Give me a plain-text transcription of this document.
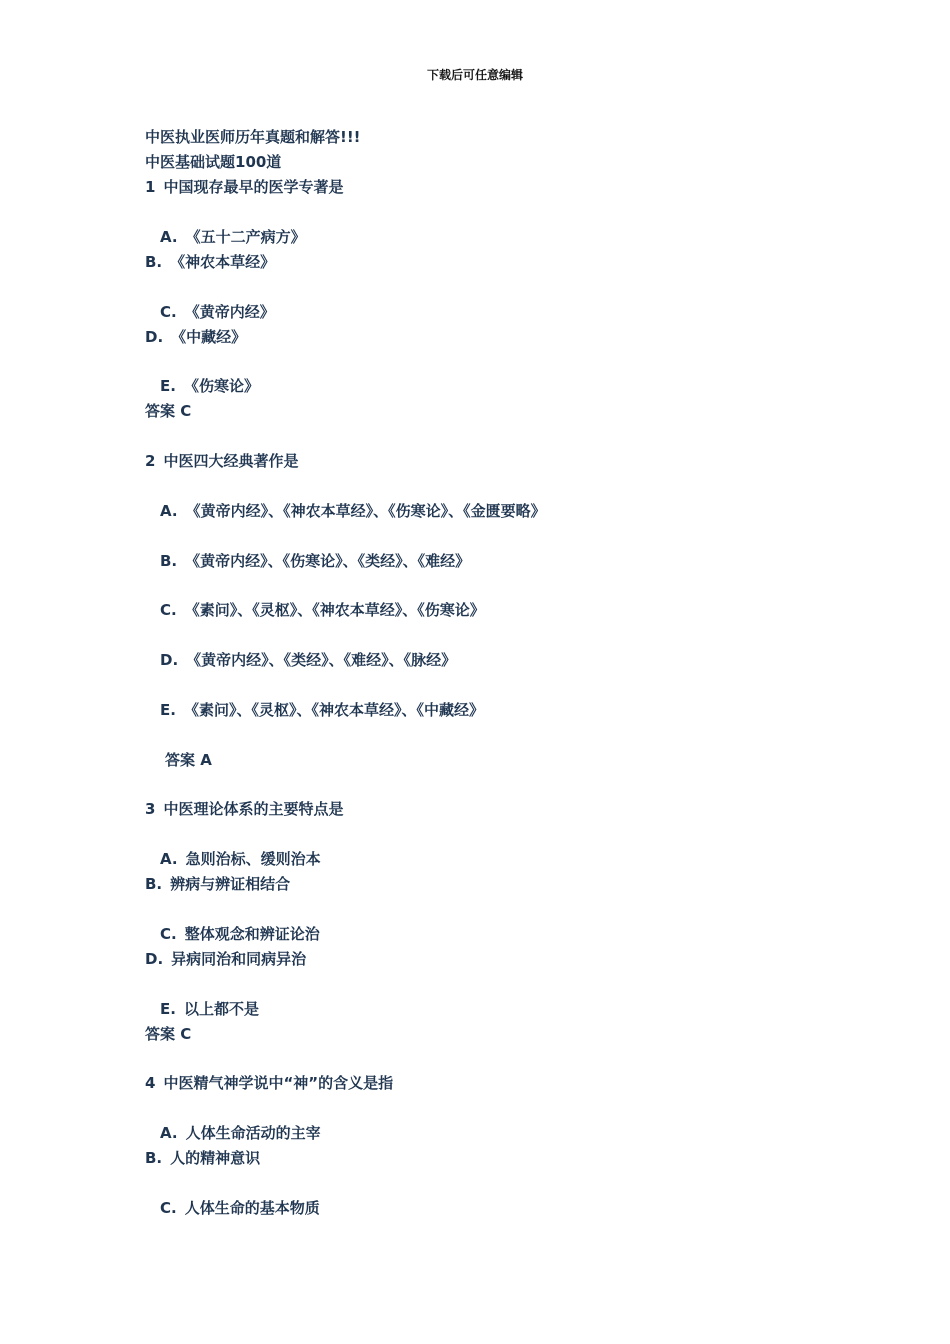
下载后可任意编辑
中医执业医师历年真题和解答!!!
中医基础试题100道
1 中国现存最早的医学专著是
A. 《五十二产病方》
B. 《神农本草经》
C. 《黄帝内经》
D. 《中藏经》
E. 《伤寒论》
答案 C
2 中医四大经典著作是
A. 《黄帝内经》、《神农本草经》、《伤寒论》、《金匮要略》
B. 《黄帝内经》、《伤寒论》、《类经》、《难经》
C. 《素问》、《灵枢》、《神农本草经》、《伤寒论》
D. 《黄帝内经》、《类经》、《难经》、《脉经》
E. 《素问》、《灵枢》、《神农本草经》、《中藏经》
答案 A
3 中医理论体系的主要特点是
A. 急则治标、缓则治本
B. 辨病与辨证相结合
C. 整体观念和辨证论治
D. 异病同治和同病异治
E. 以上都不是
答案 C
4 中医精气神学说中“神”的含义是指
A. 人体生命活动的主宰
B. 人的精神意识
C. 人体生命的基本物质
